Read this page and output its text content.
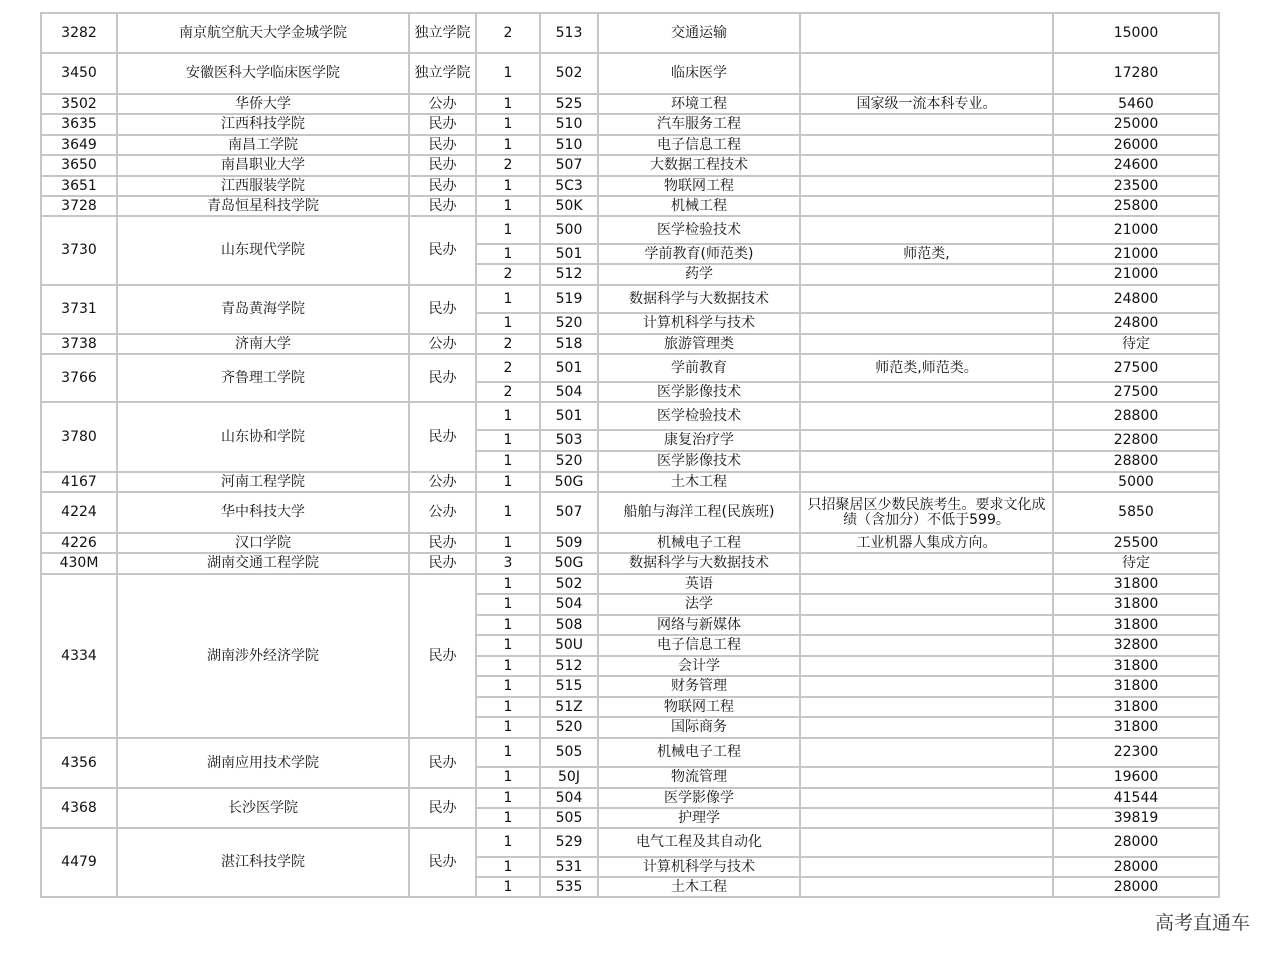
3282	南京航空航天大学金城学院	独立学院	2	513	交通运输		15000
3450	安徽医科大学临床医学院	独立学院	1	502	临床医学		17280
3502	华侨大学	公办	1	525	环境工程	国家级一流本科专业。	5460
3635	江西科技学院	民办	1	510	汽车服务工程		25000
3649	南昌工学院	民办	1	510	电子信息工程		26000
3650	南昌职业大学	民办	2	507	大数据工程技术		24600
3651	江西服装学院	民办	1	5C3	物联网工程		23500
3728	青岛恒星科技学院	民办	1	50K	机械工程		25800
3730	山东现代学院	民办	1	500	医学检验技术		21000
			1	501	学前教育(师范类)	师范类,	21000
			2	512	药学		21000
3731	青岛黄海学院	民办	1	519	数据科学与大数据技术		24800
			1	520	计算机科学与技术		24800
3738	济南大学	公办	2	518	旅游管理类		待定
3766	齐鲁理工学院	民办	2	501	学前教育	师范类,师范类。	27500
			2	504	医学影像技术		27500
3780	山东协和学院	民办	1	501	医学检验技术		28800
			1	503	康复治疗学		22800
			1	520	医学影像技术		28800
4167	河南工程学院	公办	1	50G	土木工程		5000
4224	华中科技大学	公办	1	507	船舶与海洋工程(民族班)	只招聚居区少数民族考生。要求文化成绩（含加分）不低于599。	5850
4226	汉口学院	民办	1	509	机械电子工程	工业机器人集成方向。	25500
430M	湖南交通工程学院	民办	3	50G	数据科学与大数据技术		待定
4334	湖南涉外经济学院	民办	1	502	英语		31800
			1	504	法学		31800
			1	508	网络与新媒体		31800
			1	50U	电子信息工程		32800
			1	512	会计学		31800
			1	515	财务管理		31800
			1	51Z	物联网工程		31800
			1	520	国际商务		31800
4356	湖南应用技术学院	民办	1	505	机械电子工程		22300
			1	50J	物流管理		19600
4368	长沙医学院	民办	1	504	医学影像学		41544
			1	505	护理学		39819
4479	湛江科技学院	民办	1	529	电气工程及其自动化		28000
			1	531	计算机科学与技术		28000
			1	535	土木工程		28000
高考直通车
